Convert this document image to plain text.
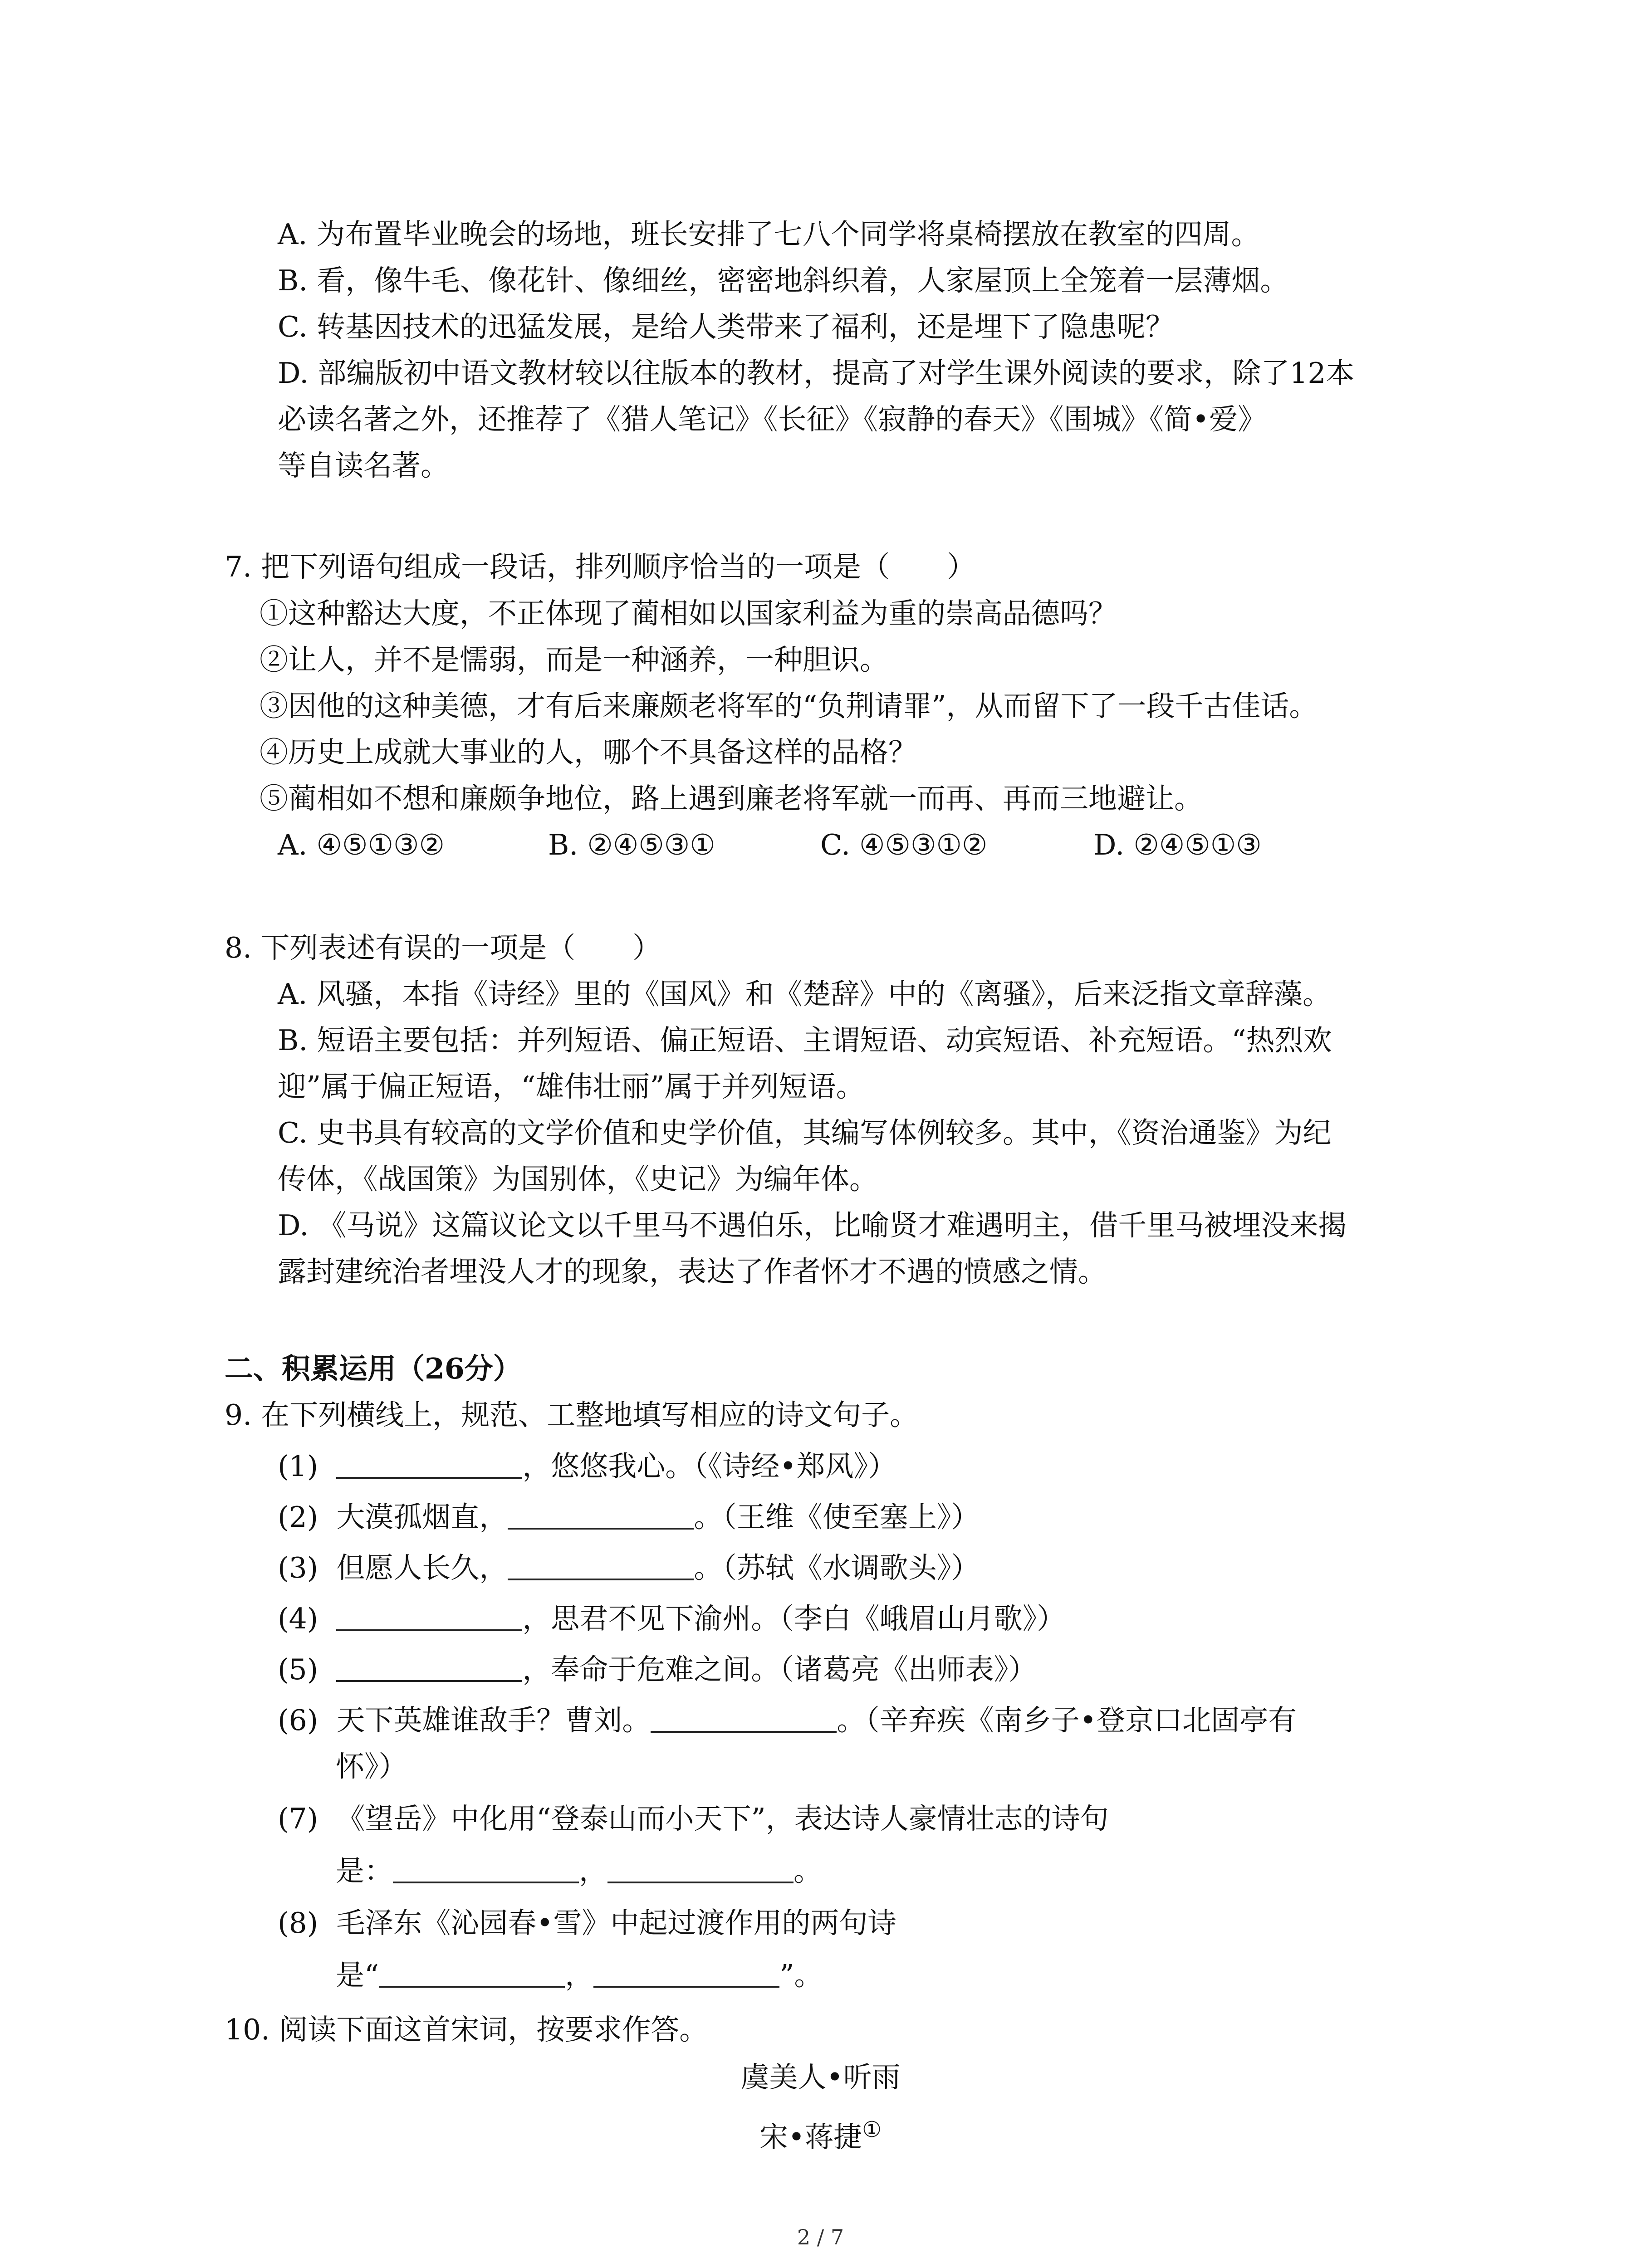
A. 为布置毕业晚会的场地，班长安排了七八个同学将桌椅摆放在教室的四周。
B. 看，像牛毛、像花针、像细丝，密密地斜织着，人家屋顶上全笼着一层薄烟。
C. 转基因技术的迅猛发展，是给人类带来了福利，还是埋下了隐患呢？
D. 部编版初中语文教材较以往版本的教材，提高了对学生课外阅读的要求，除了12本
必读名著之外，还推荐了《猎人笔记》《长征》《寂静的春天》《围城》《简•爱》
等自读名著。
7. 把下列语句组成一段话，排列顺序恰当的一项是（　　）
①这种豁达大度，不正体现了蔺相如以国家利益为重的崇高品德吗？
②让人，并不是懦弱，而是一种涵养，一种胆识。
③因他的这种美德，才有后来廉颇老将军的“负荆请罪”，从而留下了一段千古佳话。
④历史上成就大事业的人，哪个不具备这样的品格？
⑤蔺相如不想和廉颇争地位，路上遇到廉老将军就一而再、再而三地避让。
A. ④⑤①③②	B. ②④⑤③①	C. ④⑤③①②	D. ②④⑤①③
8. 下列表述有误的一项是（　　）
A. 风骚，本指《诗经》里的《国风》和《楚辞》中的《离骚》，后来泛指文章辞藻。
B. 短语主要包括：并列短语、偏正短语、主谓短语、动宾短语、补充短语。“热烈欢
迎”属于偏正短语，“雄伟壮丽”属于并列短语。
C. 史书具有较高的文学价值和史学价值，其编写体例较多。其中，《资治通鉴》为纪
传体，《战国策》为国别体，《史记》为编年体。
D. 《马说》这篇议论文以千里马不遇伯乐，比喻贤才难遇明主，借千里马被埋没来揭
露封建统治者埋没人才的现象，表达了作者怀才不遇的愤感之情。
二、积累运用（26分）
9. 在下列横线上，规范、工整地填写相应的诗文句子。
(1)	，悠悠我心。（《诗经•郑风》）
(2) 大漠孤烟直，	。（王维《使至塞上》）
(3) 但愿人长久，	。（苏轼《水调歌头》）
(4)	，思君不见下渝州。（李白《峨眉山月歌》）
(5)	，奉命于危难之间。（诸葛亮《出师表》）
(6) 天下英雄谁敌手？曹刘。	。（辛弃疾《南乡子•登京口北固亭有
怀》）
(7) 《望岳》中化用“登泰山而小天下”，表达诗人豪情壮志的诗句
是：	，	。
(8) 毛泽东《沁园春•雪》中起过渡作用的两句诗
是“	，	”。
10. 阅读下面这首宋词，按要求作答。
虞美人•听雨
宋•蒋捷①
2 / 7
